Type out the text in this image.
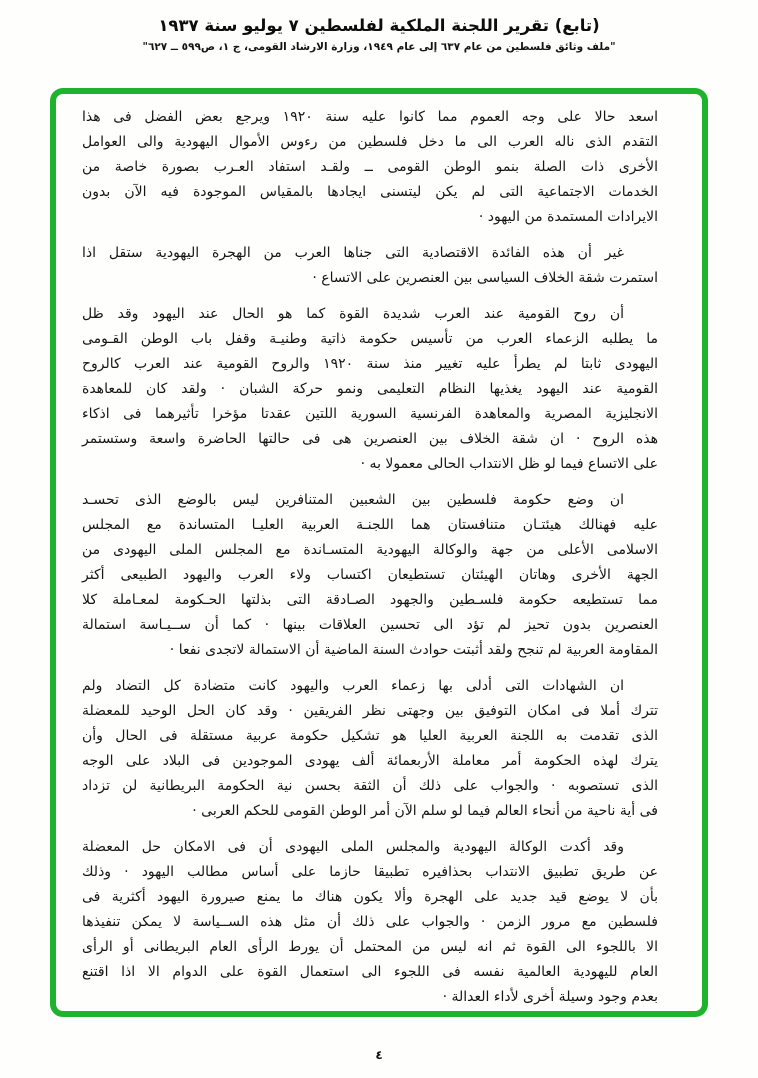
(تابع) تقرير اللجنة الملكية لفلسطين ٧ يوليو سنة ١٩٣٧
"ملف وثائق فلسطين من عام ٦٣٧ إلى عام ١٩٤٩، وزارة الارشاد القومى، ج ١، ص٥٩٩ ــ ٦٢٧"
اسعد حالا على وجه العموم مما كانوا عليه سنة ١٩٢٠ ويرجع بعض الفضل فى هذا
التقدم الذى ناله العرب الى ما دخل فلسطين من رءوس الأموال اليهودية والى العوامل
الأخرى ذات الصلة بنمو الوطن القومى ــ ولقـد استفاد العـرب بصورة خاصة من
الخدمات الاجتماعية التى لم يكن ليتسنى ايجادها بالمقياس الموجودة فيه الآن بدون
الايرادات المستمدة من اليهود ·
غير أن هذه الفائدة الاقتصادية التى جناها العرب من الهجرة اليهودية ستقل اذا
استمرت شقة الخلاف السياسى بين العنصرين على الاتساع ·
أن روح القومية عند العرب شديدة القوة كما هو الحال عند اليهود وقد ظل
ما يطلبه الزعماء العرب من تأسيس حكومة ذاتية وطنيـة وقفل باب الوطن القـومى
اليهودى ثابتا لم يطرأ عليه تغيير منذ سنة ١٩٢٠ والروح القومية عند العرب كالروح
القومية عند اليهود يغذيها النظام التعليمى ونمو حركة الشبان · ولقد كان للمعاهدة
الانجليزية المصرية والمعاهدة الفرنسية السورية اللتين عقدتا مؤخرا تأثيرهما فى اذكاء
هذه الروح · ان شقة الخلاف بين العنصرين هى فى حالتها الحاضرة واسعة وستستمر
على الاتساع فيما لو ظل الانتداب الحالى معمولا به ·
ان وضع حكومة فلسطين بين الشعبين المتنافرين ليس بالوضع الذى تحسـد
عليه فهنالك هيئتـان متنافستان هما اللجنـة العربية العليـا المتساندة مع المجلس
الاسلامى الأعلى من جهة والوكالة اليهودية المتسـاندة مع المجلس الملى اليهودى من
الجهة الأخرى وهاتان الهيئتان تستطيعان اكتساب ولاء العرب واليهود الطبيعى أكثر
مما تستطيعه حكومة فلسـطين والجهود الصـادقة التى بذلتها الحـكومة لمعـاملة كلا
العنصرين بدون تحيز لم تؤد الى تحسين العلاقات بينها · كما أن ســيـاسة استمالة
المقاومة العربية لم تنجح ولقد أثبتت حوادث السنة الماضية أن الاستمالة لاتجدى نفعا ·
ان الشهادات التى أدلى بها زعماء العرب واليهود كانت متضادة كل التضاد ولم
تترك أملا فى امكان التوفيق بين وجهتى نظر الفريقين · وقد كان الحل الوحيد للمعضلة
الذى تقدمت به اللجنة العربية العليا هو تشكيل حكومة عربية مستقلة فى الحال وأن
يترك لهذه الحكومة أمر معاملة الأربعمائة ألف يهودى الموجودين فى البلاد على الوجه
الذى تستصوبه · والجواب على ذلك أن الثقة بحسن نية الحكومة البريطانية لن تزداد
فى أية ناحية من أنحاء العالم فيما لو سلم الآن أمر الوطن القومى للحكم العربى ·
وقد أكدت الوكالة اليهودية والمجلس الملى اليهودى أن فى الامكان حل المعضلة
عن طريق تطبيق الانتداب بحذافيره تطبيقا حازما على أساس مطالب اليهود · وذلك
بأن لا يوضع قيد جديد على الهجرة وألا يكون هناك ما يمنع صيرورة اليهود أكثرية فى
فلسطين مع مرور الزمن · والجواب على ذلك أن مثل هذه الســياسة لا يمكن تنفيذها
الا باللجوء الى القوة ثم انه ليس من المحتمل أن يورط الرأى العام البريطانى أو الرأى
العام لليهودية العالمية نفسه فى اللجوء الى استعمال القوة على الدوام الا اذا اقتنع
بعدم وجود وسيلة أخرى لأداء العدالة ·
٤
